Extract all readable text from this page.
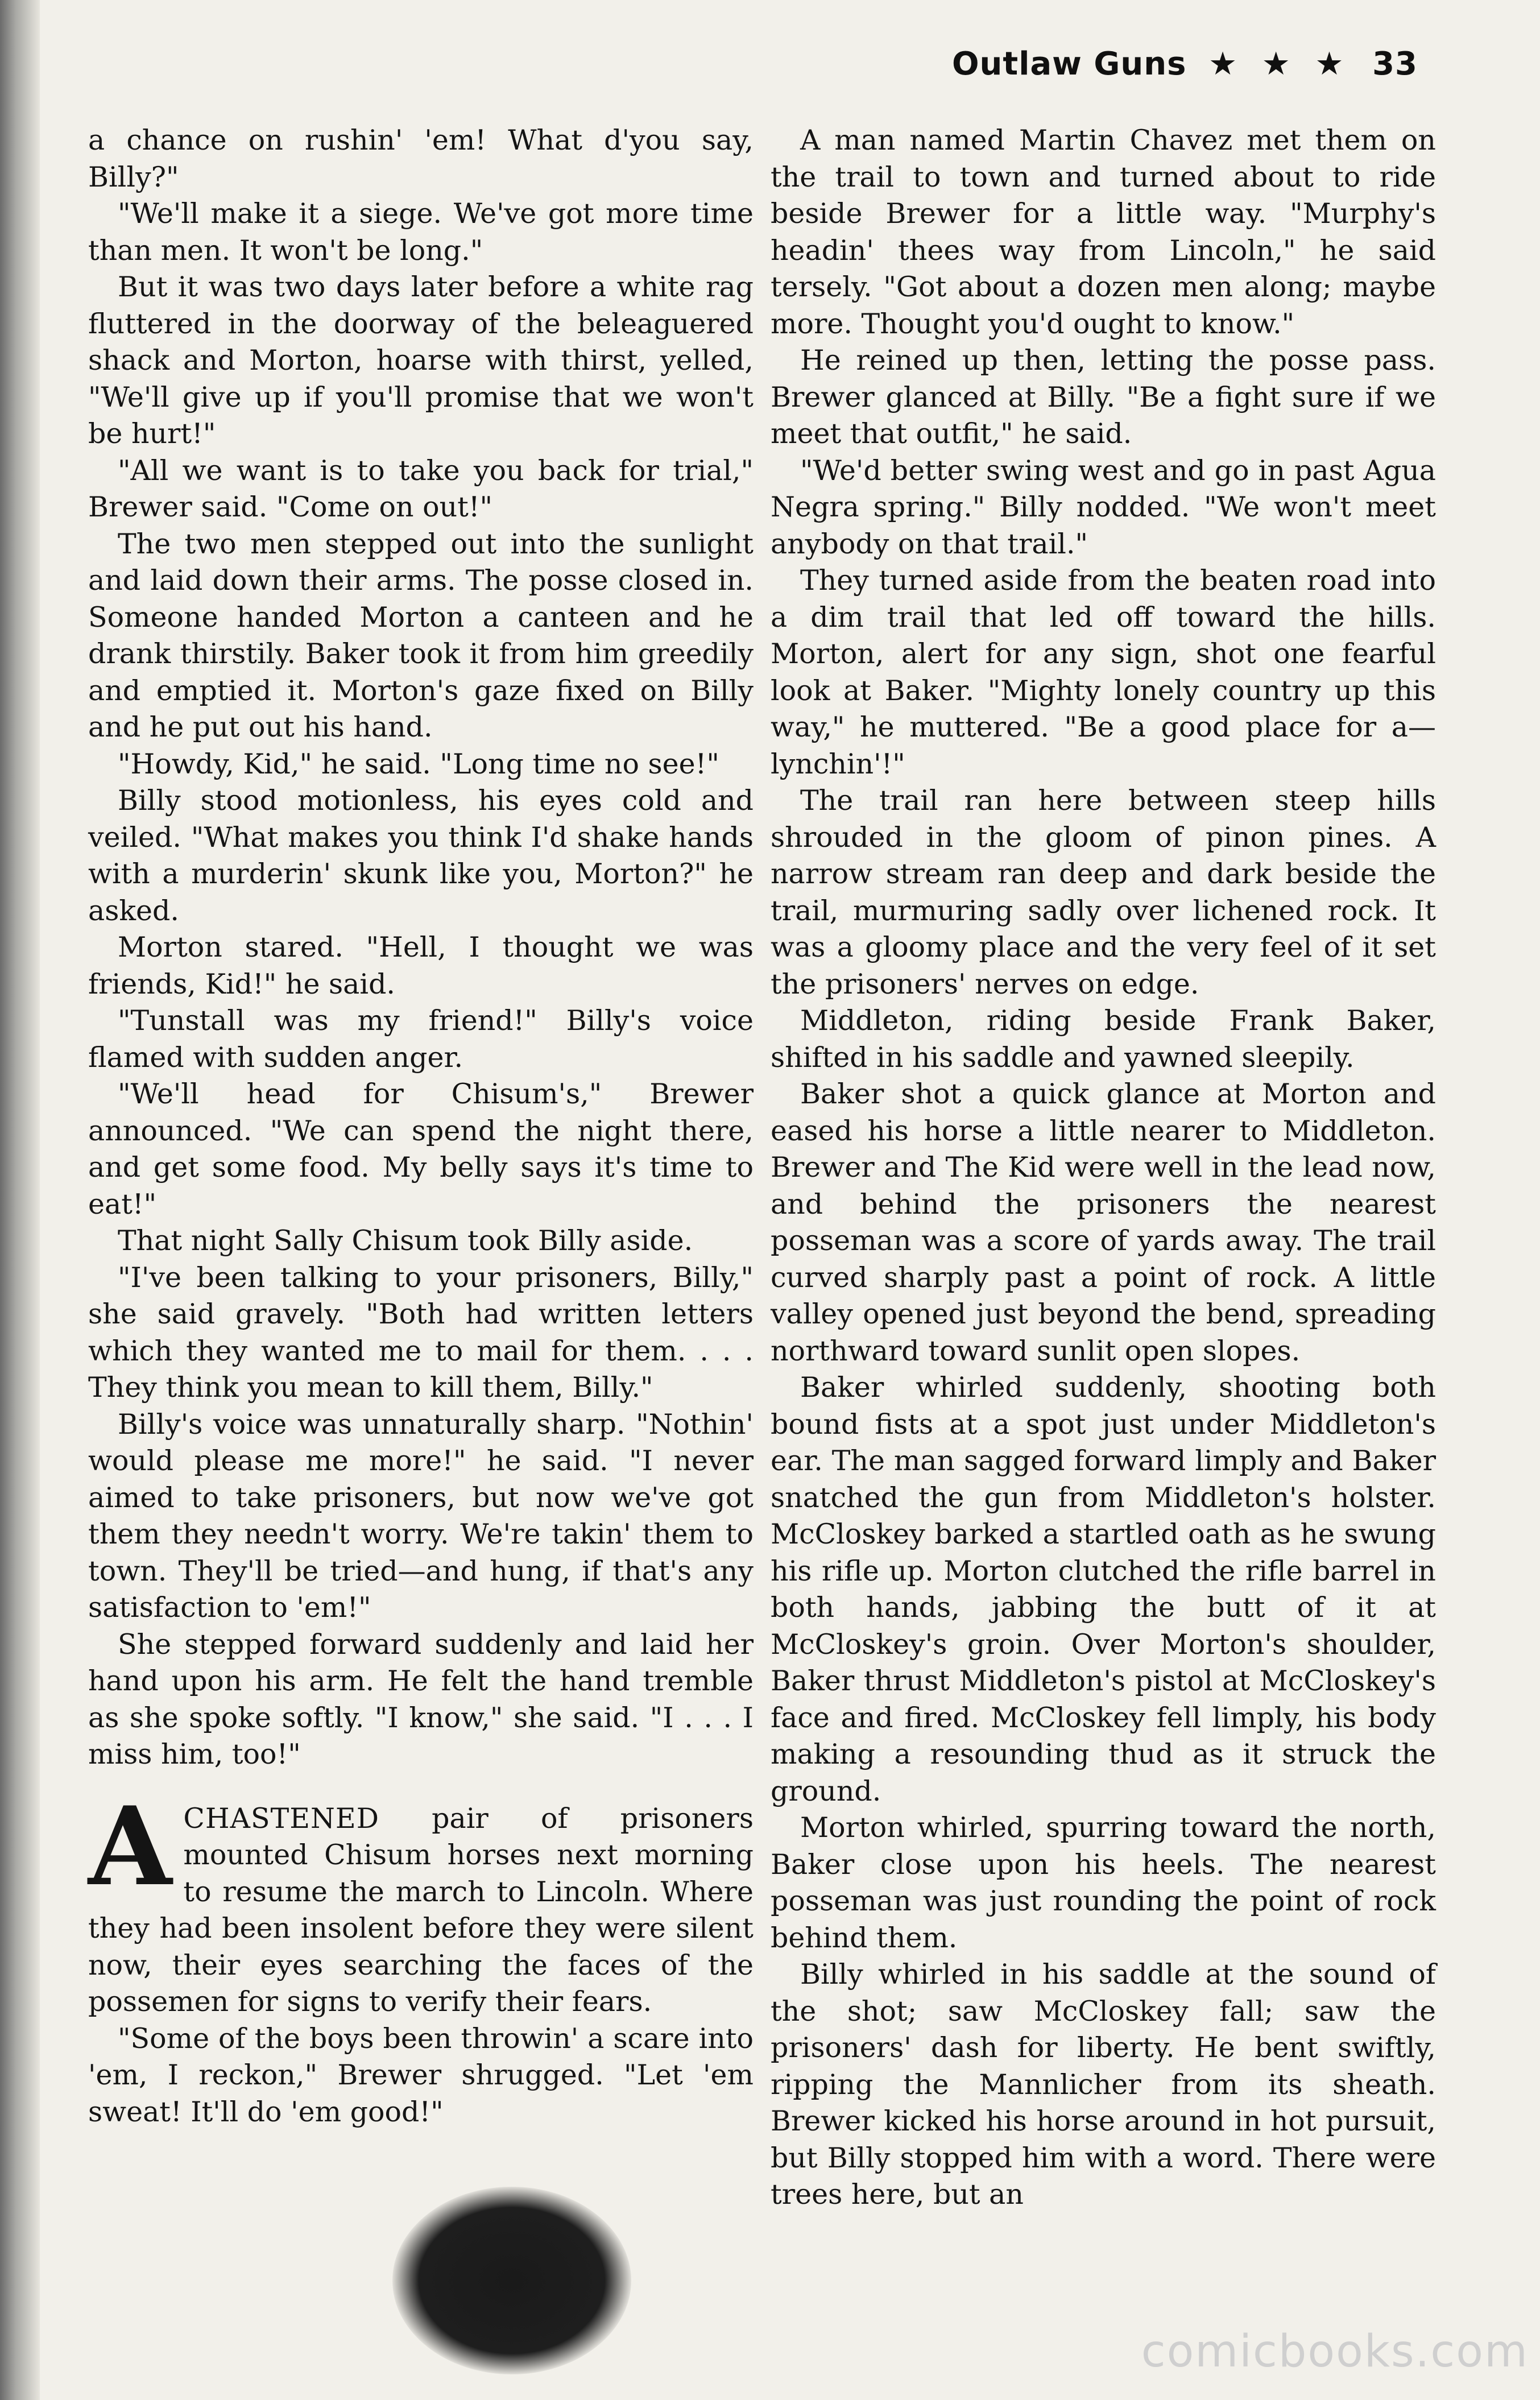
Outlaw Guns ★ ★ ★ 33

a chance on rushin' 'em! What d'you say, Billy?"

"We'll make it a siege. We've got more time than men. It won't be long."

But it was two days later before a white rag fluttered in the doorway of the beleaguered shack and Morton, hoarse with thirst, yelled, "We'll give up if you'll promise that we won't be hurt!"

"All we want is to take you back for trial," Brewer said. "Come on out!"

The two men stepped out into the sunlight and laid down their arms. The posse closed in. Someone handed Morton a canteen and he drank thirstily. Baker took it from him greedily and emptied it. Morton's gaze fixed on Billy and he put out his hand.

"Howdy, Kid," he said. "Long time no see!"

Billy stood motionless, his eyes cold and veiled. "What makes you think I'd shake hands with a murderin' skunk like you, Morton?" he asked.

Morton stared. "Hell, I thought we was friends, Kid!" he said.

"Tunstall was my friend!" Billy's voice flamed with sudden anger.

"We'll head for Chisum's," Brewer announced. "We can spend the night there, and get some food. My belly says it's time to eat!"

That night Sally Chisum took Billy aside.

"I've been talking to your prisoners, Billy," she said gravely. "Both had written letters which they wanted me to mail for them. . . . They think you mean to kill them, Billy."

Billy's voice was unnaturally sharp. "Nothin' would please me more!" he said. "I never aimed to take prisoners, but now we've got them they needn't worry. We're takin' them to town. They'll be tried—and hung, if that's any satisfaction to 'em!"

She stepped forward suddenly and laid her hand upon his arm. He felt the hand tremble as she spoke softly. "I know," she said. "I . . . I miss him, too!"

ACHASTENED pair of prisoners mounted Chisum horses next morning to resume the march to Lincoln. Where they had been insolent before they were silent now, their eyes searching the faces of the possemen for signs to verify their fears.

"Some of the boys been throwin' a scare into 'em, I reckon," Brewer shrugged. "Let 'em sweat! It'll do 'em good!"

A man named Martin Chavez met them on the trail to town and turned about to ride beside Brewer for a little way. "Murphy's headin' thees way from Lincoln," he said tersely. "Got about a dozen men along; maybe more. Thought you'd ought to know."

He reined up then, letting the posse pass. Brewer glanced at Billy. "Be a fight sure if we meet that outfit," he said.

"We'd better swing west and go in past Agua Negra spring." Billy nodded. "We won't meet anybody on that trail."

They turned aside from the beaten road into a dim trail that led off toward the hills. Morton, alert for any sign, shot one fearful look at Baker. "Mighty lonely country up this way," he muttered. "Be a good place for a—lynchin'!"

The trail ran here between steep hills shrouded in the gloom of pinon pines. A narrow stream ran deep and dark beside the trail, murmuring sadly over lichened rock. It was a gloomy place and the very feel of it set the prisoners' nerves on edge.

Middleton, riding beside Frank Baker, shifted in his saddle and yawned sleepily.

Baker shot a quick glance at Morton and eased his horse a little nearer to Middleton. Brewer and The Kid were well in the lead now, and behind the prisoners the nearest posseman was a score of yards away. The trail curved sharply past a point of rock. A little valley opened just beyond the bend, spreading northward toward sunlit open slopes.

Baker whirled suddenly, shooting both bound fists at a spot just under Middleton's ear. The man sagged forward limply and Baker snatched the gun from Middleton's holster. McCloskey barked a startled oath as he swung his rifle up. Morton clutched the rifle barrel in both hands, jabbing the butt of it at McCloskey's groin. Over Morton's shoulder, Baker thrust Middleton's pistol at McCloskey's face and fired. McCloskey fell limply, his body making a resounding thud as it struck the ground.

Morton whirled, spurring toward the north, Baker close upon his heels. The nearest posseman was just rounding the point of rock behind them.

Billy whirled in his saddle at the sound of the shot; saw McCloskey fall; saw the prisoners' dash for liberty. He bent swiftly, ripping the Mannlicher from its sheath. Brewer kicked his horse around in hot pursuit, but Billy stopped him with a word. There were trees here, but an

comicbooks.com
